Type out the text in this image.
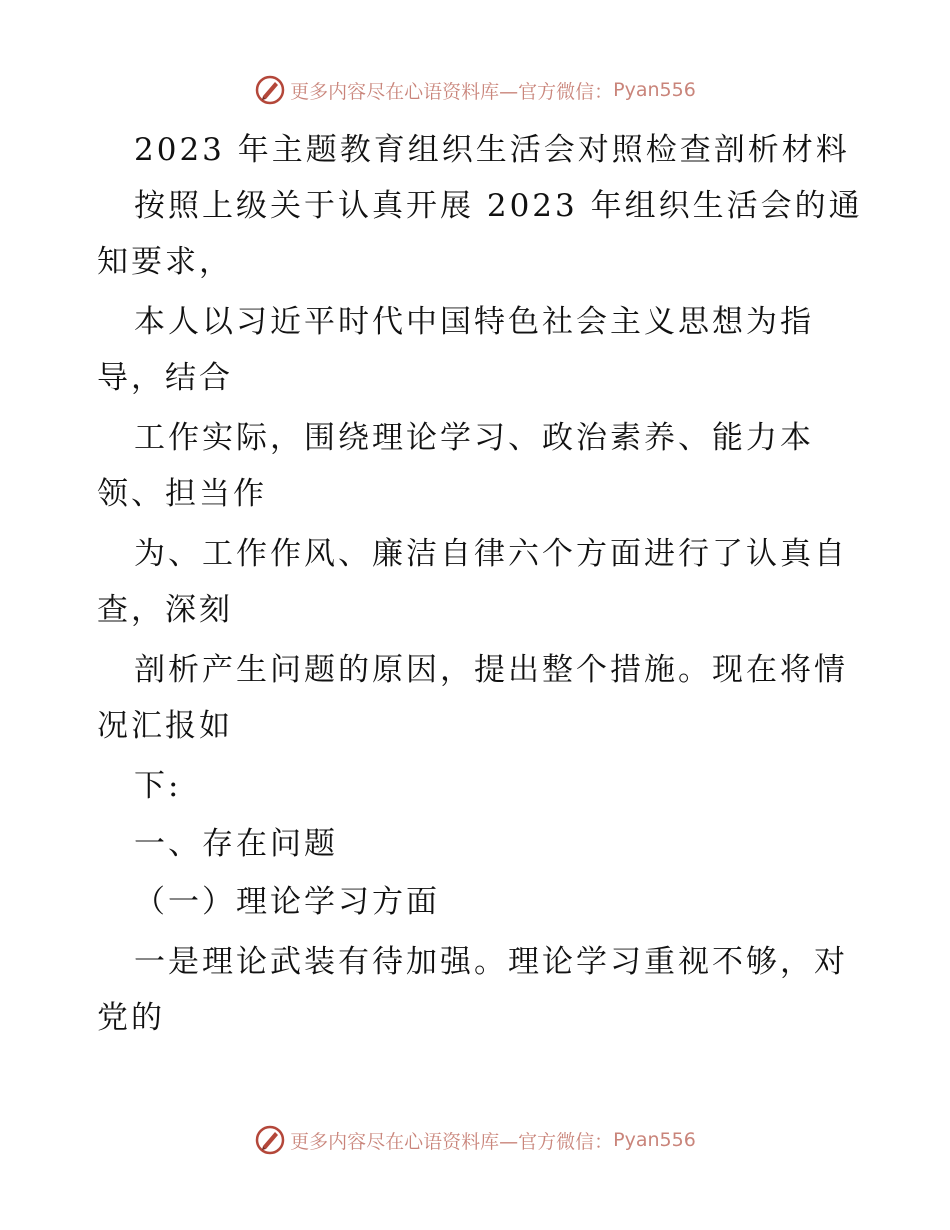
更多内容尽在心语资料库—官方微信： Pyan556
2023 年主题教育组织生活会对照检查剖析材料
按照上级关于认真开展 2023 年组织生活会的通
知要求，
本人以习近平时代中国特色社会主义思想为指
导，结合
工作实际，围绕理论学习、政治素养、能力本
领、担当作
为、工作作风、廉洁自律六个方面进行了认真自
查，深刻
剖析产生问题的原因，提出整个措施。现在将情
况汇报如
下:
一、存在问题
（一）理论学习方面
一是理论武装有待加强。理论学习重视不够，对
党的
更多内容尽在心语资料库—官方微信： Pyan556
